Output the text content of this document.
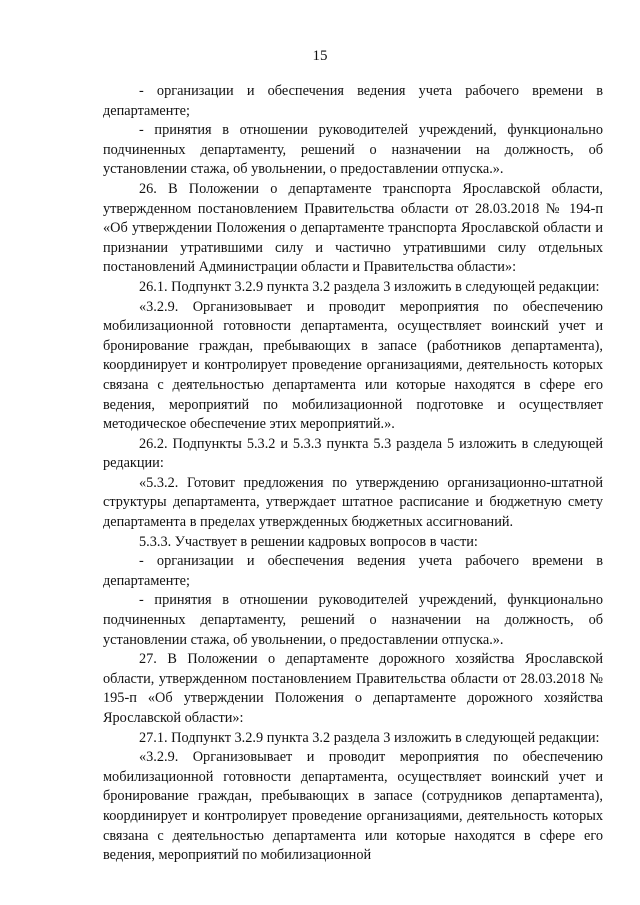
15

- организации и обеспечения ведения учета рабочего времени в департаменте;

- принятия в отношении руководителей учреждений, функционально подчиненных департаменту, решений о назначении на должность, об установлении стажа, об увольнении, о предоставлении отпуска.».

26. В Положении о департаменте транспорта Ярославской области, утвержденном постановлением Правительства области от 28.03.2018 № 194-п «Об утверждении Положения о департаменте транспорта Ярославской области и признании утратившими силу и частично утратившими силу отдельных постановлений Администрации области и Правительства области»:

26.1. Подпункт 3.2.9 пункта 3.2 раздела 3 изложить в следующей редакции:

«3.2.9. Организовывает и проводит мероприятия по обеспечению мобилизационной готовности департамента, осуществляет воинский учет и бронирование граждан, пребывающих в запасе (работников департамента), координирует и контролирует проведение организациями, деятельность которых связана с деятельностью департамента или которые находятся в сфере его ведения, мероприятий по мобилизационной подготовке и осуществляет методическое обеспечение этих мероприятий.».

26.2. Подпункты 5.3.2 и 5.3.3 пункта 5.3 раздела 5 изложить в следующей редакции:

«5.3.2. Готовит предложения по утверждению организационно-штатной структуры департамента, утверждает штатное расписание и бюджетную смету департамента в пределах утвержденных бюджетных ассигнований.

5.3.3. Участвует в решении кадровых вопросов в части:

- организации и обеспечения ведения учета рабочего времени в департаменте;

- принятия в отношении руководителей учреждений, функционально подчиненных департаменту, решений о назначении на должность, об установлении стажа, об увольнении, о предоставлении отпуска.».

27. В Положении о департаменте дорожного хозяйства Ярославской области, утвержденном постановлением Правительства области от 28.03.2018 № 195-п «Об утверждении Положения о департаменте дорожного хозяйства Ярославской области»:

27.1. Подпункт 3.2.9 пункта 3.2 раздела 3 изложить в следующей редакции:

«3.2.9. Организовывает и проводит мероприятия по обеспечению мобилизационной готовности департамента, осуществляет воинский учет и бронирование граждан, пребывающих в запасе (сотрудников департамента), координирует и контролирует проведение организациями, деятельность которых связана с деятельностью департамента или которые находятся в сфере его ведения, мероприятий по мобилизационной
